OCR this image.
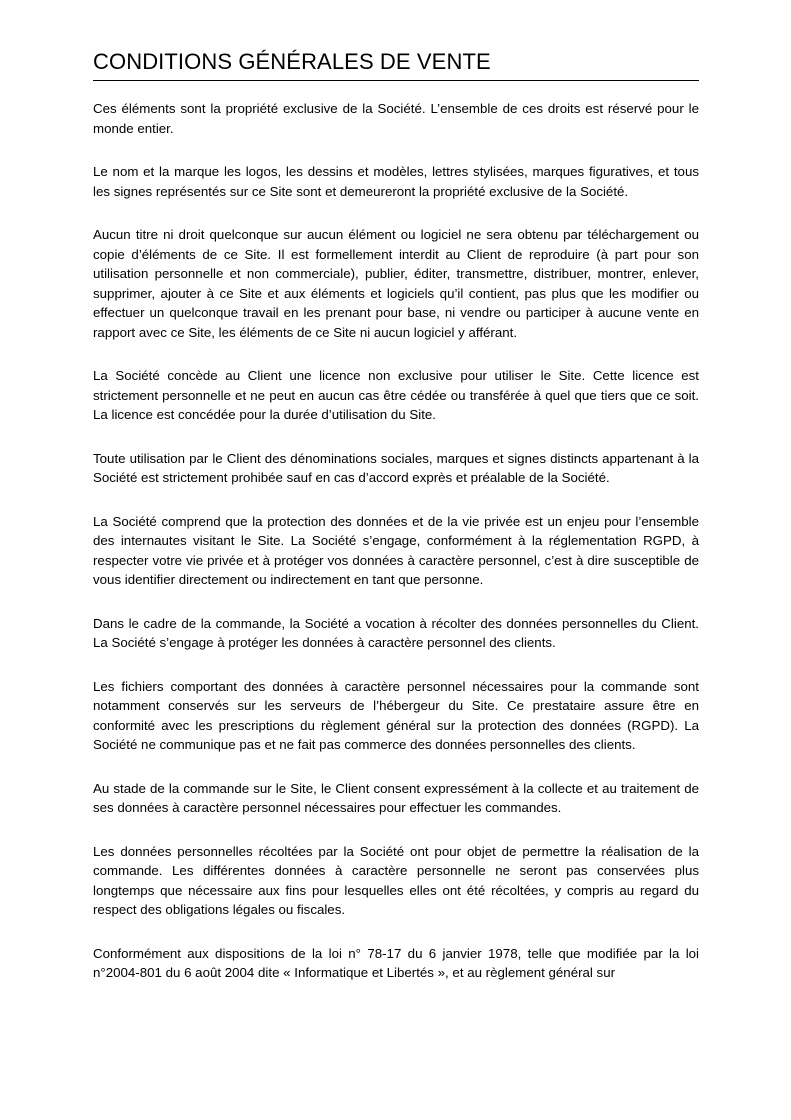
CONDITIONS GÉNÉRALES DE VENTE

Ces éléments sont la propriété exclusive de la Société. L’ensemble de ces droits est réservé pour le monde entier.

Le nom et la marque les logos, les dessins et modèles, lettres stylisées, marques figuratives, et tous les signes représentés sur ce Site sont et demeureront la propriété exclusive de la Société.

Aucun titre ni droit quelconque sur aucun élément ou logiciel ne sera obtenu par téléchargement ou copie d’éléments de ce Site. Il est formellement interdit au Client de reproduire (à part pour son utilisation personnelle et non commerciale), publier, éditer, transmettre, distribuer, montrer, enlever, supprimer, ajouter à ce Site et aux éléments et logiciels qu’il contient, pas plus que les modifier ou effectuer un quelconque travail en les prenant pour base, ni vendre ou participer à aucune vente en rapport avec ce Site, les éléments de ce Site ni aucun logiciel y afférant.

La Société concède au Client une licence non exclusive pour utiliser le Site. Cette licence est strictement personnelle et ne peut en aucun cas être cédée ou transférée à quel que tiers que ce soit. La licence est concédée pour la durée d’utilisation du Site.

Toute utilisation par le Client des dénominations sociales, marques et signes distincts appartenant à la Société est strictement prohibée sauf en cas d’accord exprès et préalable de la Société.

La Société comprend que la protection des données et de la vie privée est un enjeu pour l’ensemble des internautes visitant le Site. La Société s’engage, conformément à la réglementation RGPD, à respecter votre vie privée et à protéger vos données à caractère personnel, c’est à dire susceptible de vous identifier directement ou indirectement en tant que personne.

Dans le cadre de la commande, la Société a vocation à récolter des données personnelles du Client. La Société s’engage à protéger les données à caractère personnel des clients.

Les fichiers comportant des données à caractère personnel nécessaires pour la commande sont notamment conservés sur les serveurs de l’hébergeur du Site. Ce prestataire assure être en conformité avec les prescriptions du règlement général sur la protection des données (RGPD). La Société ne communique pas et ne fait pas commerce des données personnelles des clients.

Au stade de la commande sur le Site, le Client consent expressément à la collecte et au traitement de ses données à caractère personnel nécessaires pour effectuer les commandes.

Les données personnelles récoltées par la Société ont pour objet de permettre la réalisation de la commande. Les différentes données à caractère personnelle ne seront pas conservées plus longtemps que nécessaire aux fins pour lesquelles elles ont été récoltées, y compris au regard du respect des obligations légales ou fiscales.

Conformément aux dispositions de la loi n° 78-17 du 6 janvier 1978, telle que modifiée par la loi n°2004-801 du 6 août 2004 dite « Informatique et Libertés », et au règlement général sur
